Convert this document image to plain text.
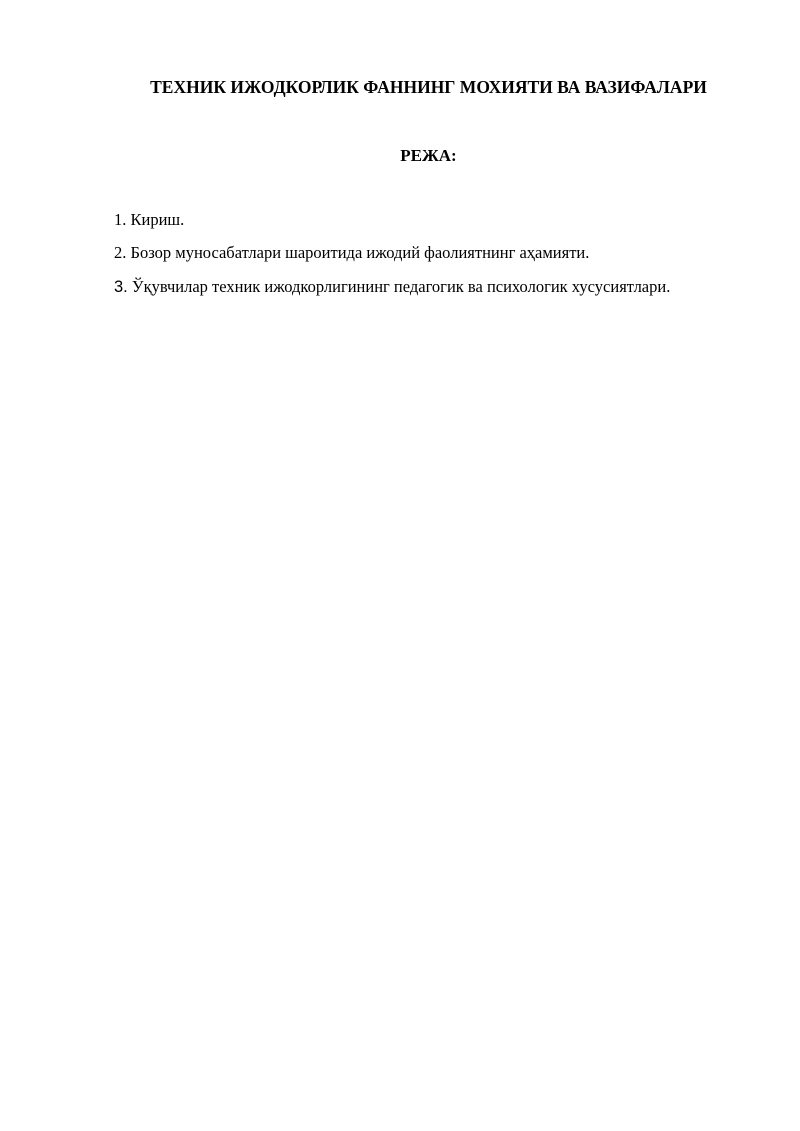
ТЕХНИК ИЖОДКОРЛИК ФАННИНГ МОХИЯТИ ВА ВАЗИФАЛАРИ
РЕЖА:
1. Кириш.
2. Бозор муносабатлари шароитида ижодий фаолиятнинг аҳамияти.
3. Ўқувчилар техник ижодкорлигининг педагогик ва психологик хусусиятлари.
